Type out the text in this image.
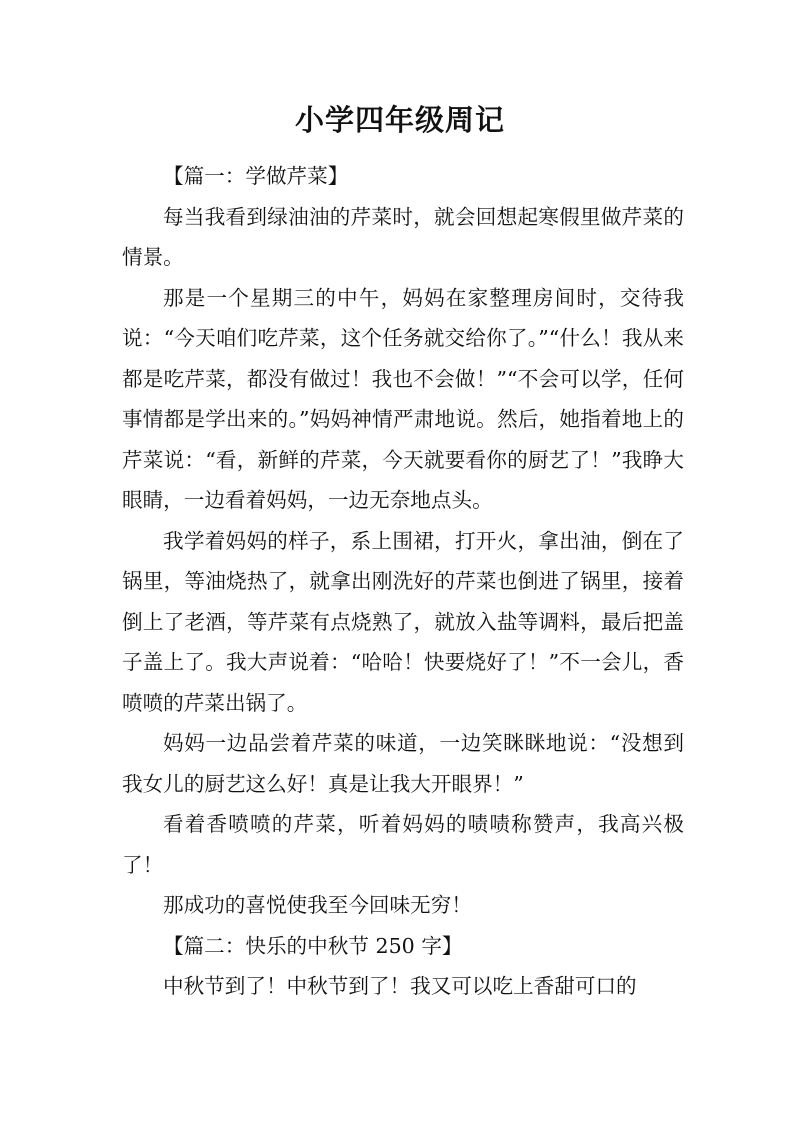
小学四年级周记
【篇一：学做芹菜】

每当我看到绿油油的芹菜时，就会回想起寒假里做芹菜的情景。

那是一个星期三的中午，妈妈在家整理房间时，交待我说：“今天咱们吃芹菜，这个任务就交给你了。”“什么！我从来都是吃芹菜，都没有做过！我也不会做！”“不会可以学，任何事情都是学出来的。”妈妈神情严肃地说。然后，她指着地上的芹菜说：“看，新鲜的芹菜，今天就要看你的厨艺了！”我睁大眼睛，一边看着妈妈，一边无奈地点头。

我学着妈妈的样子，系上围裙，打开火，拿出油，倒在了锅里，等油烧热了，就拿出刚洗好的芹菜也倒进了锅里，接着倒上了老酒，等芹菜有点烧熟了，就放入盐等调料，最后把盖子盖上了。我大声说着：“哈哈！快要烧好了！”不一会儿，香喷喷的芹菜出锅了。

妈妈一边品尝着芹菜的味道，一边笑眯眯地说：“没想到我女儿的厨艺这么好！真是让我大开眼界！”

看着香喷喷的芹菜，听着妈妈的啧啧称赞声，我高兴极了！

那成功的喜悦使我至今回味无穷！

【篇二：快乐的中秋节 250 字】

中秋节到了！中秋节到了！我又可以吃上香甜可口的
